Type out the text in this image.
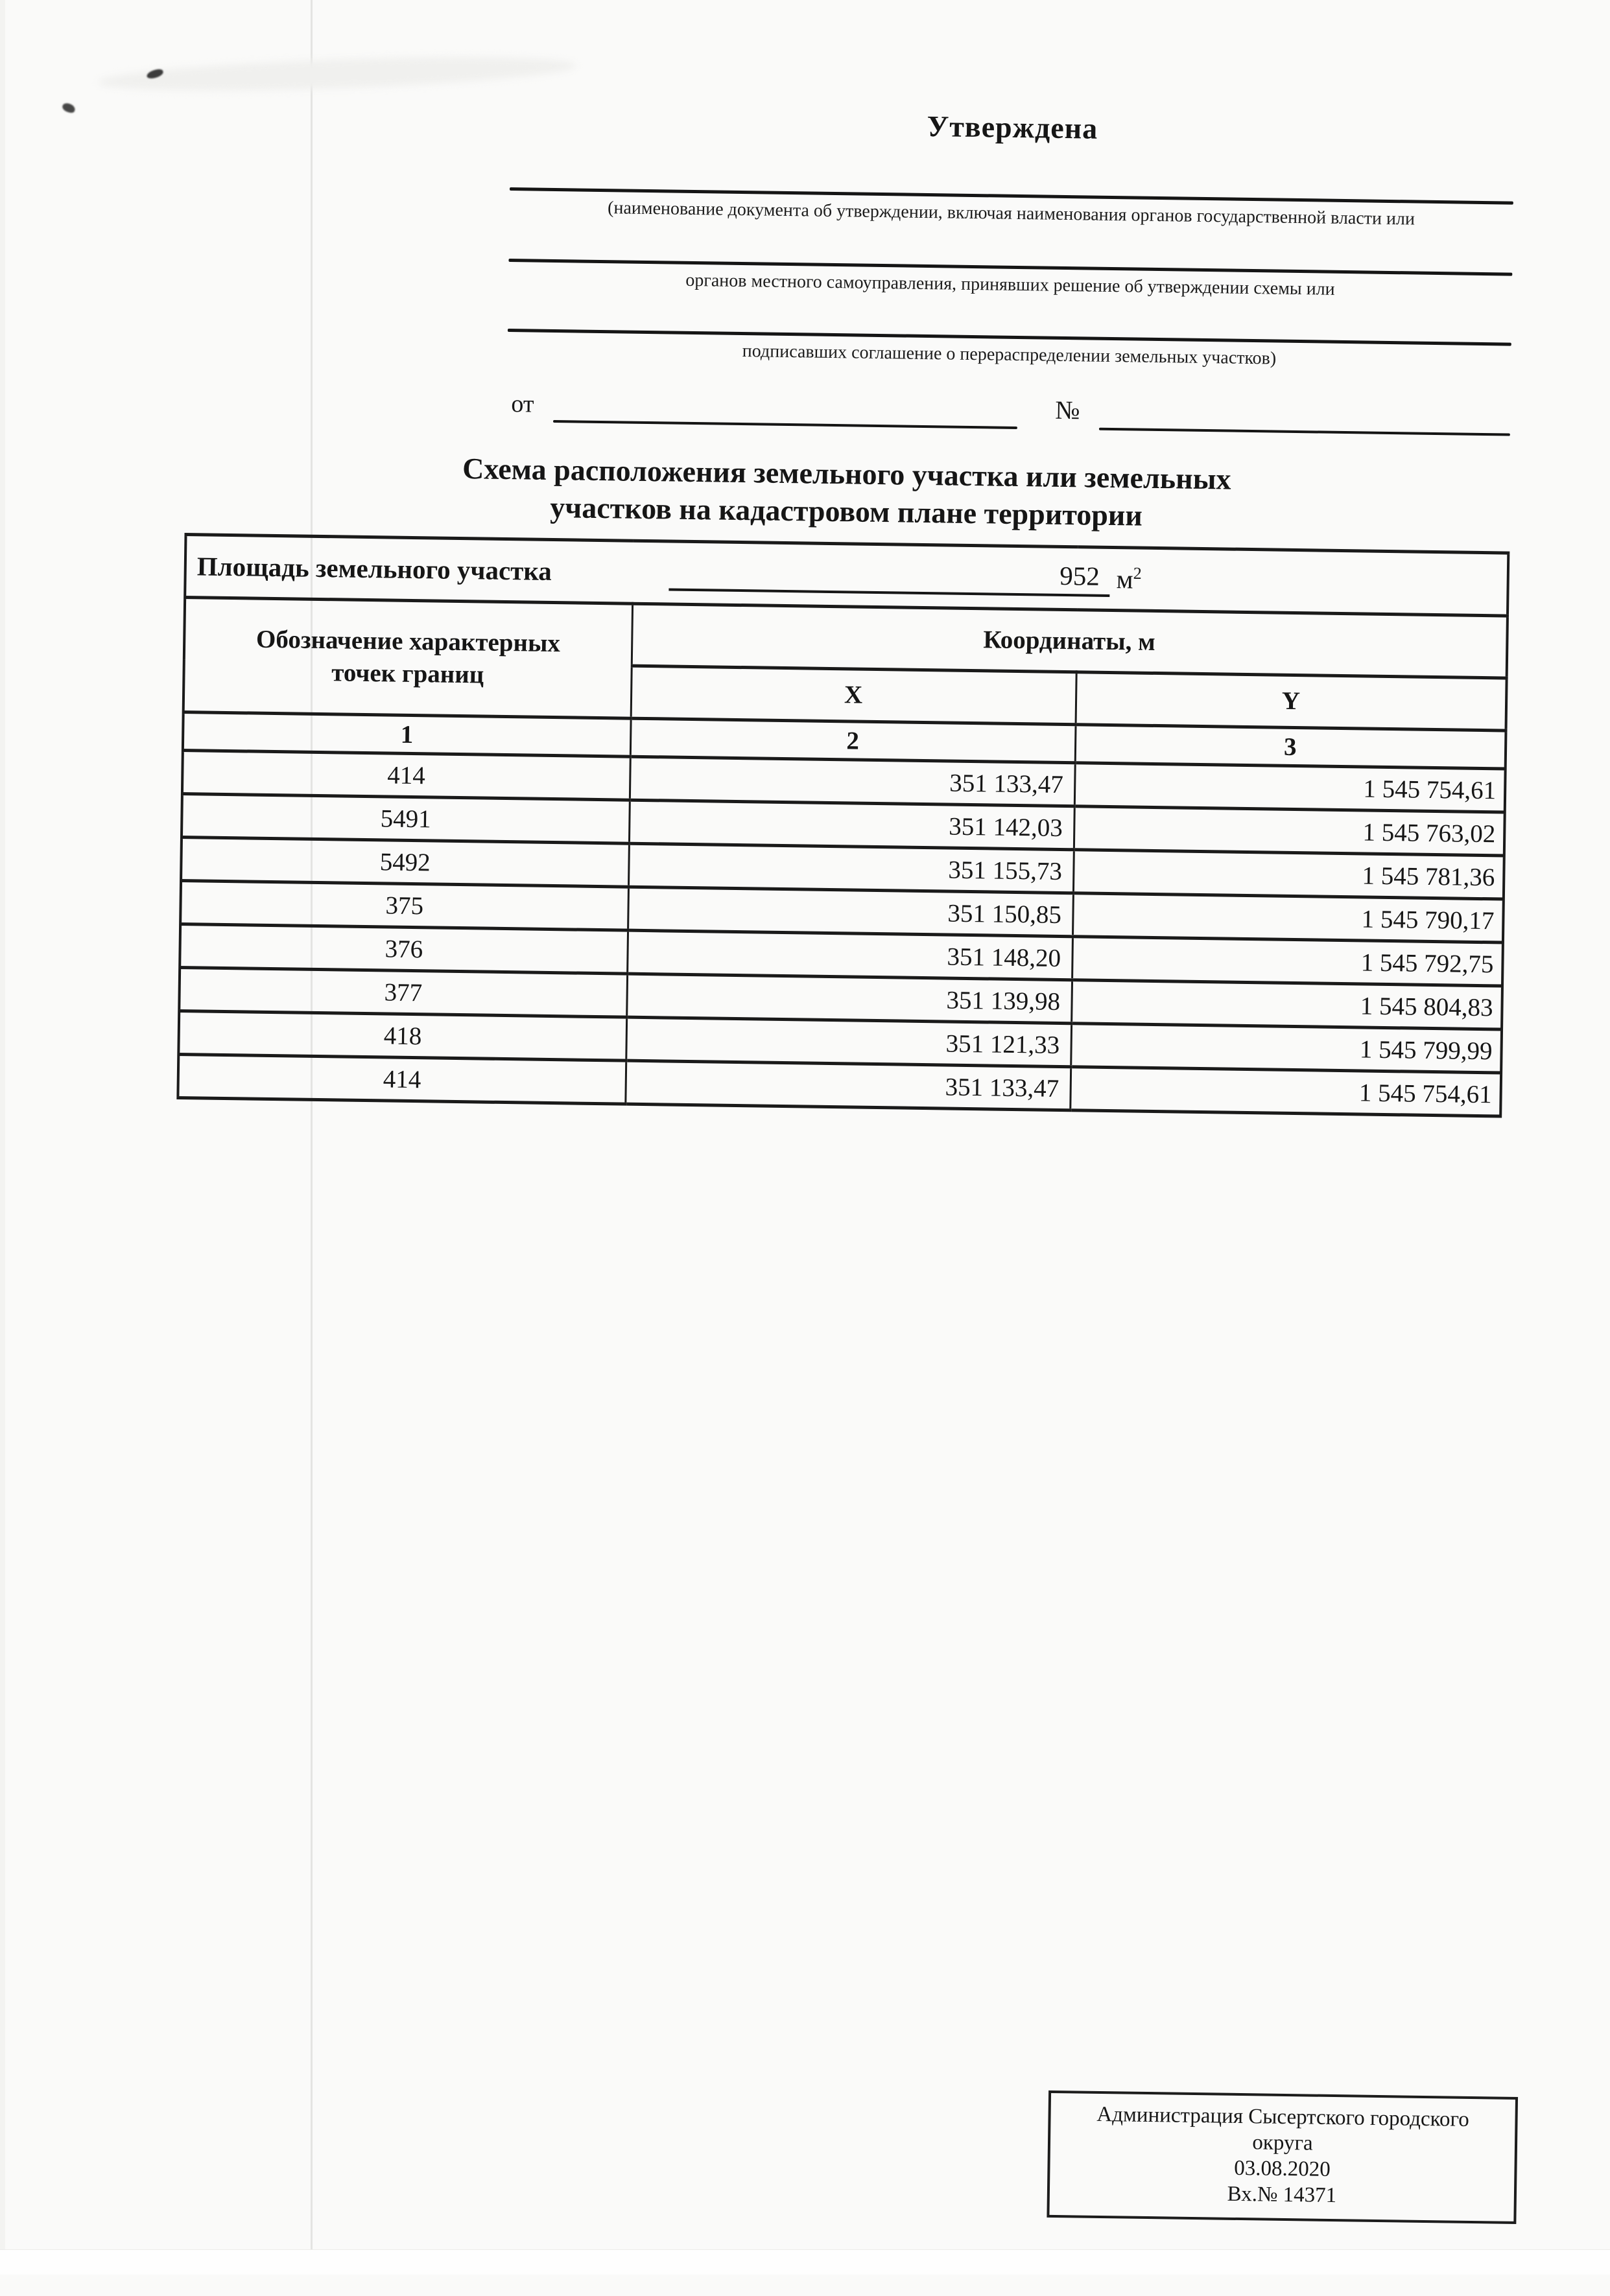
Утверждена
(наименование документа об утверждении, включая наименования органов государственной власти или
органов местного самоуправления, принявших решение об утверждении схемы или
подписавших соглашение о перераспределении земельных участков)
от	№
Схема расположения земельного участка или земельных
участков на кадастровом плане территории
Площадь земельного участка 952 $м^2$

Обозначение характерных точек границ	Координаты, м	
	X	Y
1	2	3
414	351 133,47	1 545 754,61
5491	351 142,03	1 545 763,02
5492	351 155,73	1 545 781,36
375	351 150,85	1 545 790,17
376	351 148,20	1 545 792,75
377	351 139,98	1 545 804,83
418	351 121,33	1 545 799,99
414	351 133,47	1 545 754,61
Администрация Сысертского городского округа
03.08.2020
Вх.№ 14371
